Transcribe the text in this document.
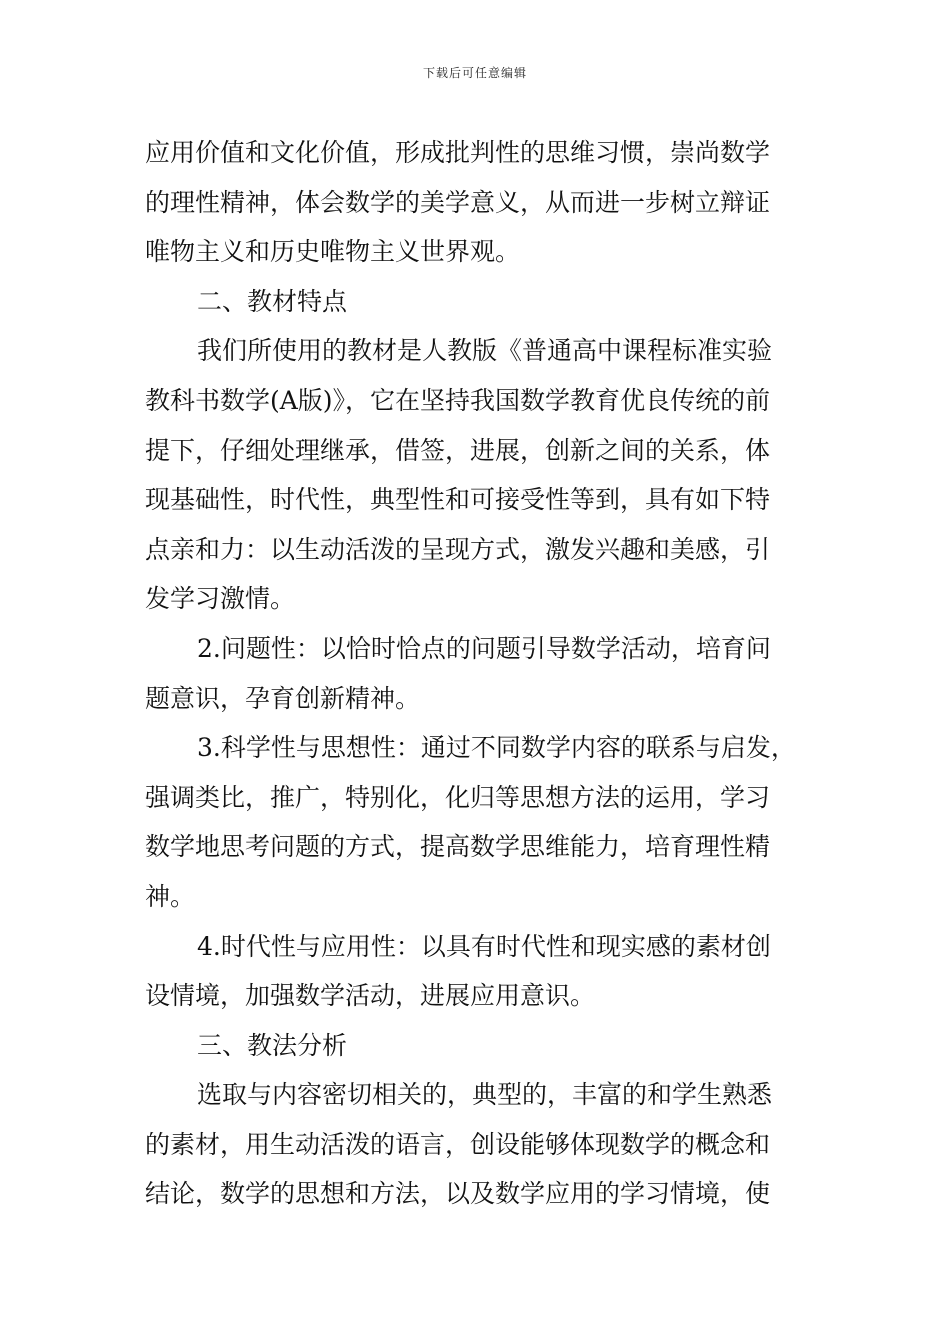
下载后可任意编辑

应用价值和文化价值，形成批判性的思维习惯，崇尚数学

的理性精神，体会数学的美学意义，从而进一步树立辩证

唯物主义和历史唯物主义世界观。

二、教材特点

我们所使用的教材是人教版《普通高中课程标准实验

教科书数学(A版)》，它在坚持我国数学教育优良传统的前

提下，仔细处理继承，借签，进展，创新之间的关系，体

现基础性，时代性，典型性和可接受性等到，具有如下特

点亲和力：以生动活泼的呈现方式，激发兴趣和美感，引

发学习激情。

2.问题性：以恰时恰点的问题引导数学活动，培育问

题意识，孕育创新精神。

3.科学性与思想性：通过不同数学内容的联系与启发，

强调类比，推广，特别化，化归等思想方法的运用，学习

数学地思考问题的方式，提高数学思维能力，培育理性精

神。

4.时代性与应用性：以具有时代性和现实感的素材创

设情境，加强数学活动，进展应用意识。

三、教法分析

选取与内容密切相关的，典型的，丰富的和学生熟悉

的素材，用生动活泼的语言，创设能够体现数学的概念和

结论，数学的思想和方法，以及数学应用的学习情境，使
